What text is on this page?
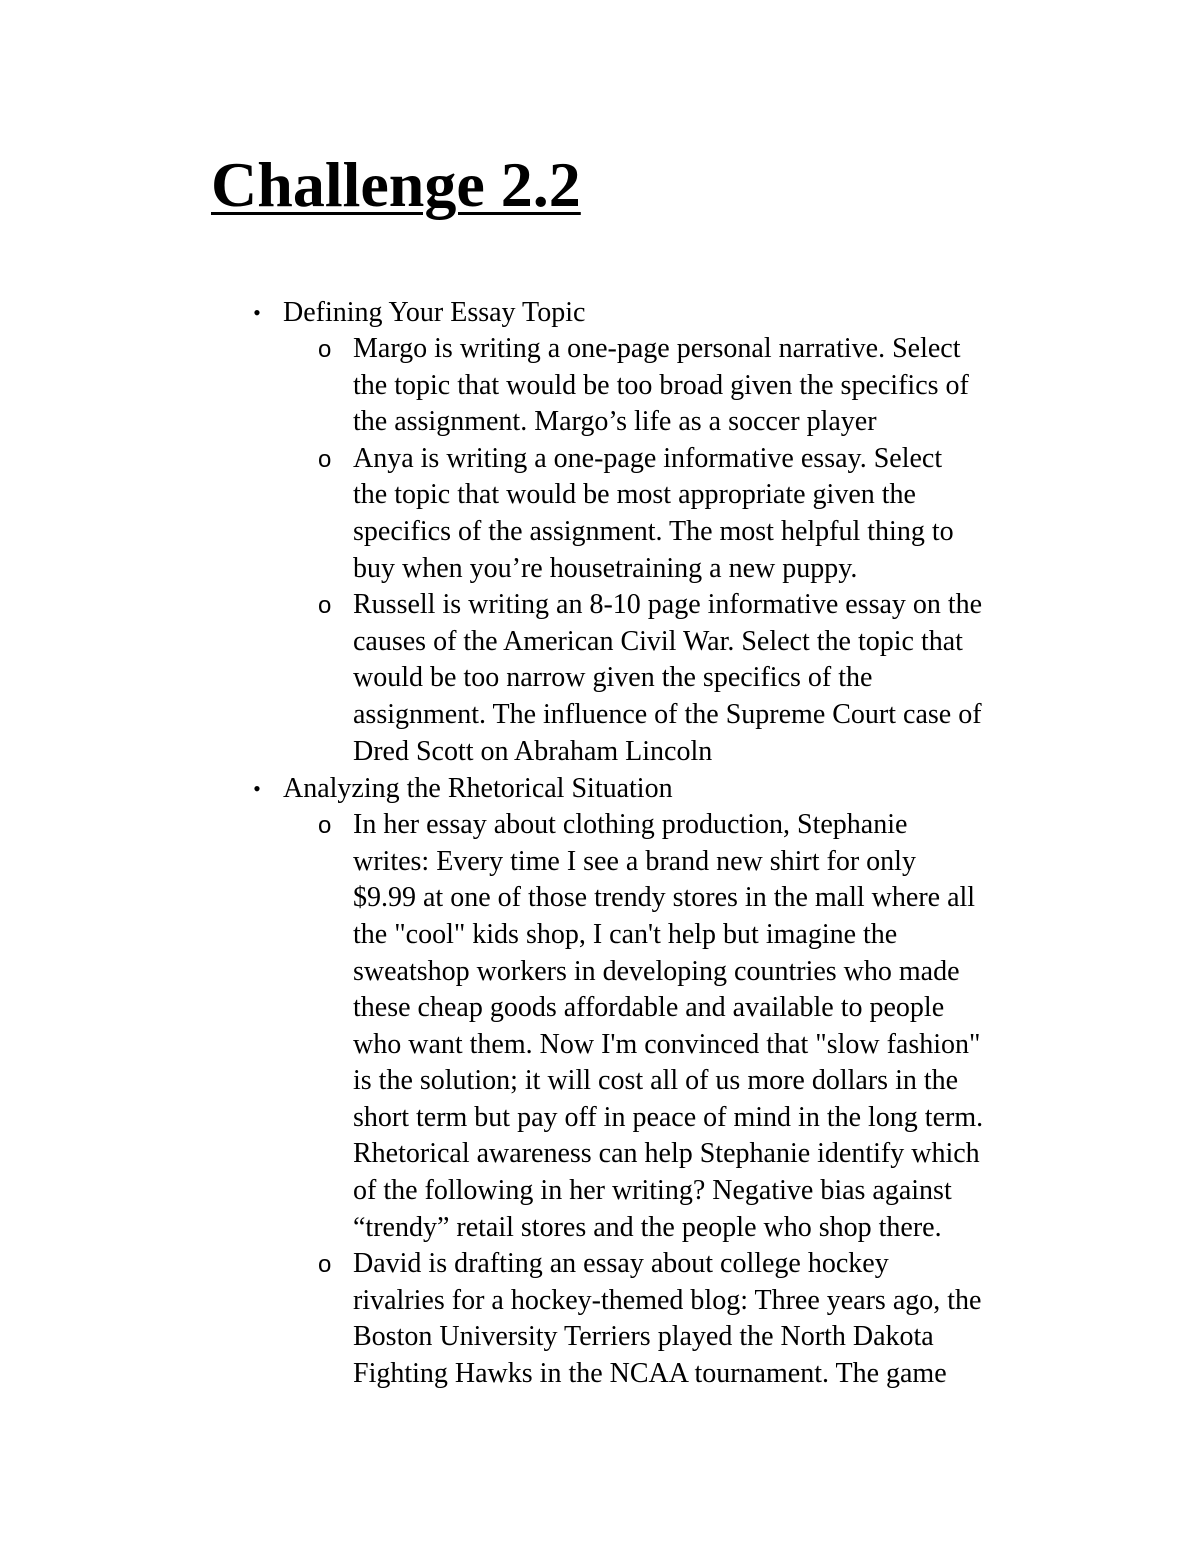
Challenge 2.2
• Defining Your Essay Topic
o Margo is writing a one-page personal narrative. Select
the topic that would be too broad given the specifics of
the assignment. Margo’s life as a soccer player
o Anya is writing a one-page informative essay. Select
the topic that would be most appropriate given the
specifics of the assignment. The most helpful thing to
buy when you’re housetraining a new puppy.
o Russell is writing an 8-10 page informative essay on the
causes of the American Civil War. Select the topic that
would be too narrow given the specifics of the
assignment. The influence of the Supreme Court case of
Dred Scott on Abraham Lincoln
• Analyzing the Rhetorical Situation
o In her essay about clothing production, Stephanie
writes: Every time I see a brand new shirt for only
$9.99 at one of those trendy stores in the mall where all
the "cool" kids shop, I can't help but imagine the
sweatshop workers in developing countries who made
these cheap goods affordable and available to people
who want them. Now I'm convinced that "slow fashion"
is the solution; it will cost all of us more dollars in the
short term but pay off in peace of mind in the long term.
Rhetorical awareness can help Stephanie identify which
of the following in her writing? Negative bias against
“trendy” retail stores and the people who shop there.
o David is drafting an essay about college hockey
rivalries for a hockey-themed blog: Three years ago, the
Boston University Terriers played the North Dakota
Fighting Hawks in the NCAA tournament. The game
